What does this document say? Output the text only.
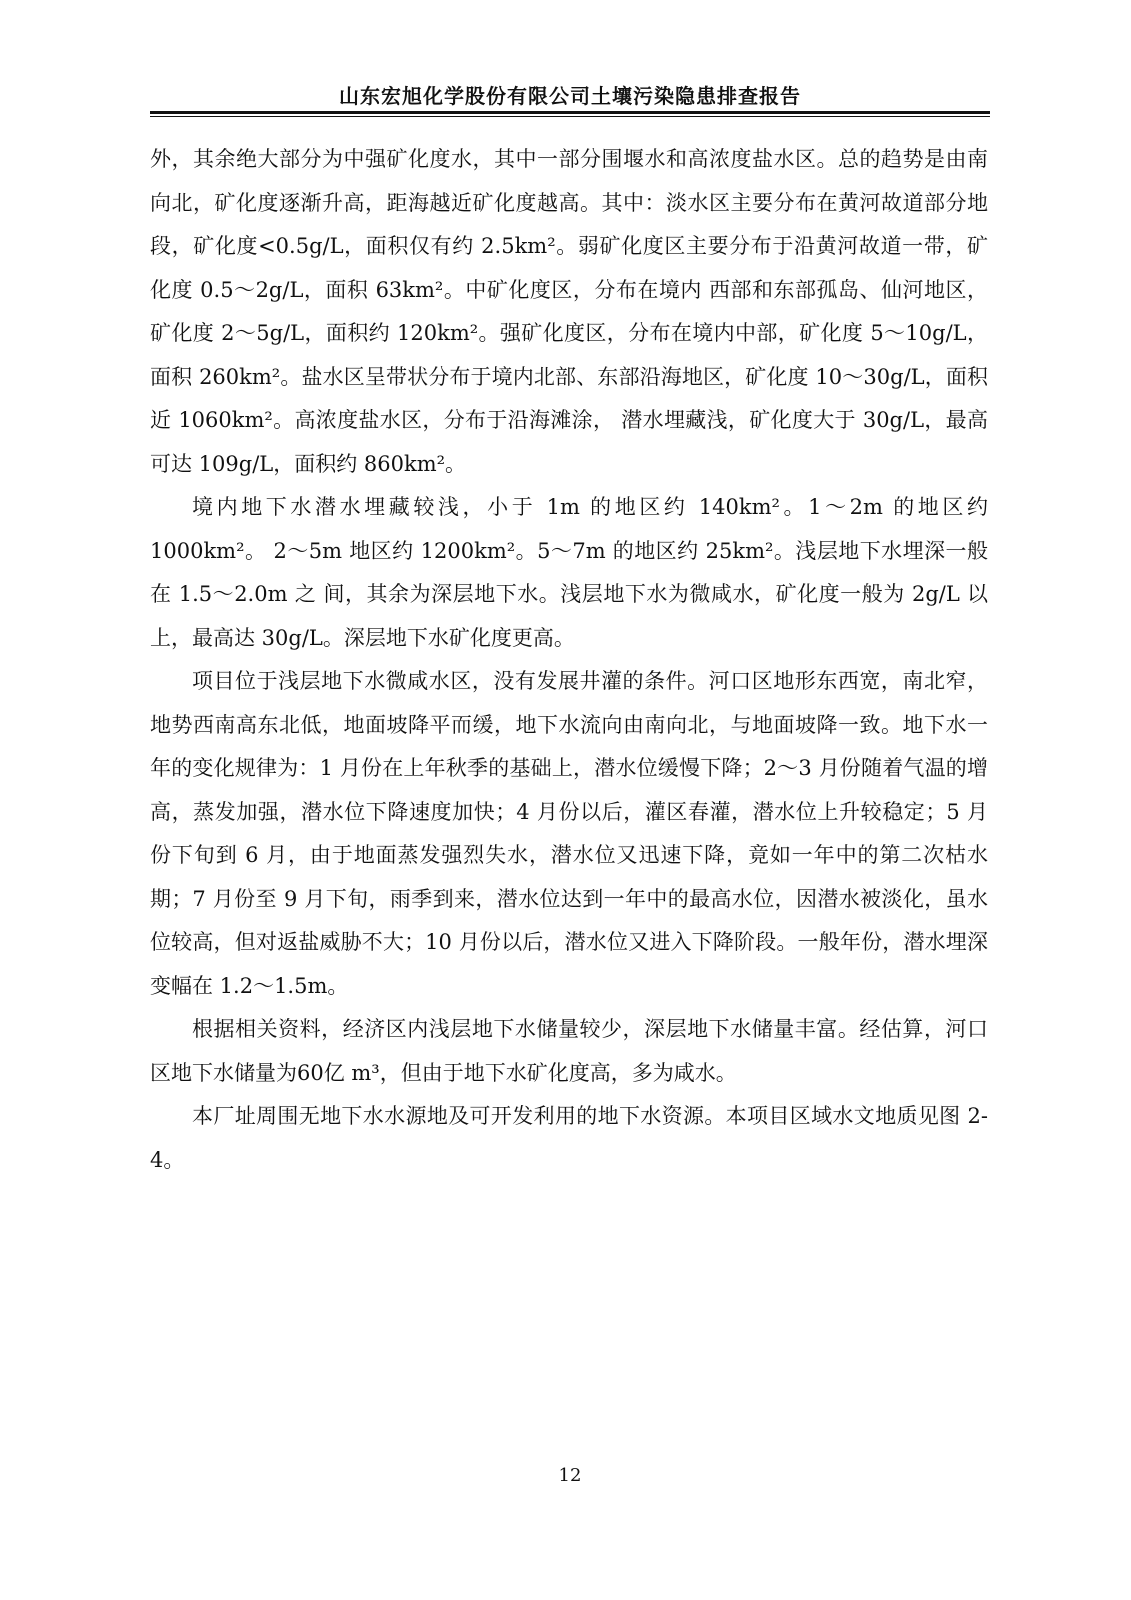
山东宏旭化学股份有限公司土壤污染隐患排查报告

外，其余绝大部分为中强矿化度水，其中一部分围堰水和高浓度盐水区。总的趋势是由南向北，矿化度逐渐升高，距海越近矿化度越高。其中：淡水区主要分布在黄河故道部分地段，矿化度<0.5g/L，面积仅有约 2.5km²。弱矿化度区主要分布于沿黄河故道一带，矿化度 0.5～2g/L，面积 63km²。中矿化度区，分布在境内 西部和东部孤岛、仙河地区，矿化度 2～5g/L，面积约 120km²。强矿化度区，分布在境内中部，矿化度 5～10g/L，面积 260km²。盐水区呈带状分布于境内北部、东部沿海地区，矿化度 10～30g/L，面积近 1060km²。高浓度盐水区，分布于沿海滩涂， 潜水埋藏浅，矿化度大于 30g/L，最高可达 109g/L，面积约 860km²。

境内地下水潜水埋藏较浅，小于 1m 的地区约 140km²。1～2m 的地区约 1000km²。 2～5m 地区约 1200km²。5～7m 的地区约 25km²。浅层地下水埋深一般在 1.5～2.0m 之 间，其余为深层地下水。浅层地下水为微咸水，矿化度一般为 2g/L 以上，最高达 30g/L。深层地下水矿化度更高。

项目位于浅层地下水微咸水区，没有发展井灌的条件。河口区地形东西宽，南北窄，地势西南高东北低，地面坡降平而缓，地下水流向由南向北，与地面坡降一致。地下水一年的变化规律为：1 月份在上年秋季的基础上，潜水位缓慢下降；2～3 月份随着气温的增高，蒸发加强，潜水位下降速度加快；4 月份以后，灌区春灌，潜水位上升较稳定；5 月份下旬到 6 月，由于地面蒸发强烈失水，潜水位又迅速下降，竟如一年中的第二次枯水期；7 月份至 9 月下旬，雨季到来，潜水位达到一年中的最高水位，因潜水被淡化，虽水位较高，但对返盐威胁不大；10 月份以后，潜水位又进入下降阶段。一般年份，潜水埋深变幅在 1.2～1.5m。

根据相关资料，经济区内浅层地下水储量较少，深层地下水储量丰富。经估算，河口区地下水储量为60亿 m³，但由于地下水矿化度高，多为咸水。

本厂址周围无地下水水源地及可开发利用的地下水资源。本项目区域水文地质见图 2-4。

12
